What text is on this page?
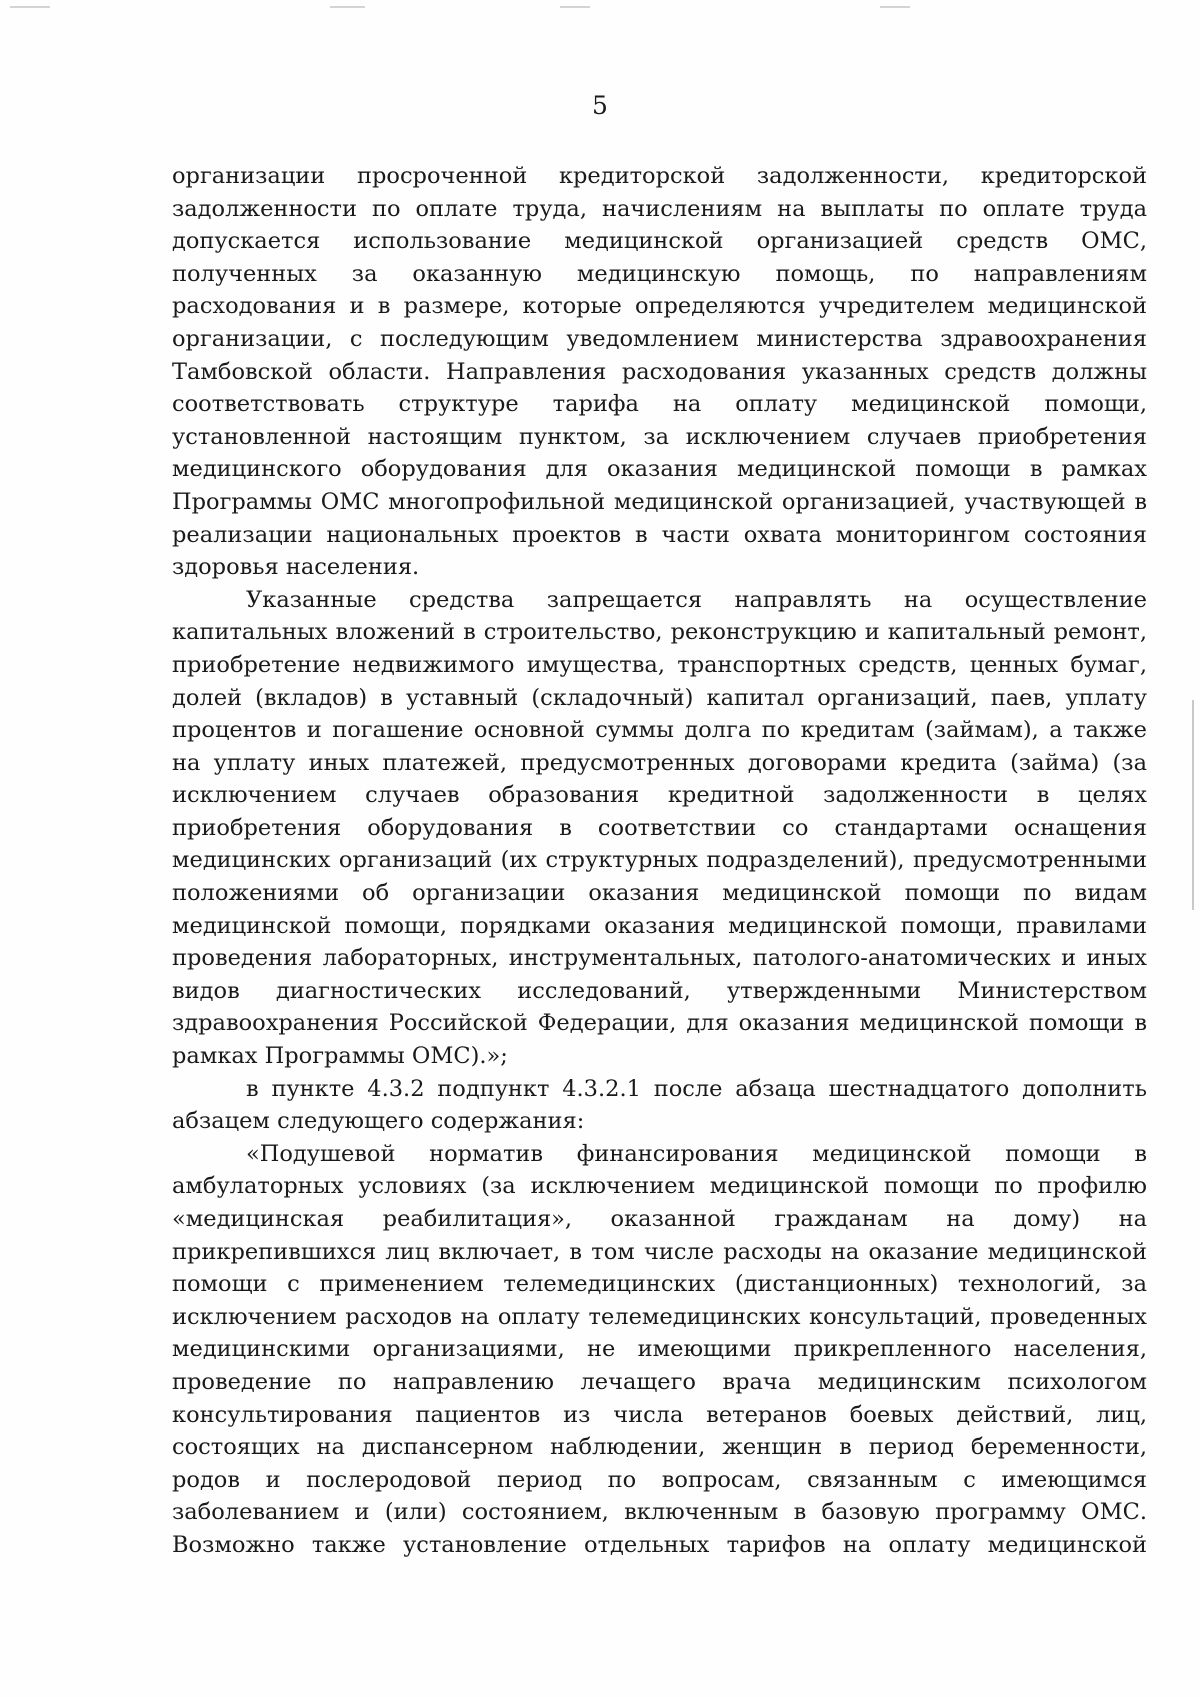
5

организации просроченной кредиторской задолженности, кредиторской задолженности по оплате труда, начислениям на выплаты по оплате труда допускается использование медицинской организацией средств ОМС, полученных за оказанную медицинскую помощь, по направлениям расходования и в размере, которые определяются учредителем медицинской организации, с последующим уведомлением министерства здравоохранения Тамбовской области. Направления расходования указанных средств должны соответствовать структуре тарифа на оплату медицинской помощи, установленной настоящим пунктом, за исключением случаев приобретения медицинского оборудования для оказания медицинской помощи в рамках Программы ОМС многопрофильной медицинской организацией, участвующей в реализации национальных проектов в части охвата мониторингом состояния здоровья населения.

Указанные средства запрещается направлять на осуществление капитальных вложений в строительство, реконструкцию и капитальный ремонт, приобретение недвижимого имущества, транспортных средств, ценных бумаг, долей (вкладов) в уставный (складочный) капитал организаций, паев, уплату процентов и погашение основной суммы долга по кредитам (займам), а также на уплату иных платежей, предусмотренных договорами кредита (займа) (за исключением случаев образования кредитной задолженности в целях приобретения оборудования в соответствии со стандартами оснащения медицинских организаций (их структурных подразделений), предусмотренными положениями об организации оказания медицинской помощи по видам медицинской помощи, порядками оказания медицинской помощи, правилами проведения лабораторных, инструментальных, патолого-анатомических и иных видов диагностических исследований, утвержденными Министерством здравоохранения Российской Федерации, для оказания медицинской помощи в рамках Программы ОМС).»;

в пункте 4.3.2 подпункт 4.3.2.1 после абзаца шестнадцатого дополнить абзацем следующего содержания:

«Подушевой норматив финансирования медицинской помощи в амбулаторных условиях (за исключением медицинской помощи по профилю «медицинская реабилитация», оказанной гражданам на дому) на прикрепившихся лиц включает, в том числе расходы на оказание медицинской помощи с применением телемедицинских (дистанционных) технологий, за исключением расходов на оплату телемедицинских консультаций, проведенных медицинскими организациями, не имеющими прикрепленного населения, проведение по направлению лечащего врача медицинским психологом консультирования пациентов из числа ветеранов боевых действий, лиц, состоящих на диспансерном наблюдении, женщин в период беременности, родов и послеродовой период по вопросам, связанным с имеющимся заболеванием и (или) состоянием, включенным в базовую программу ОМС. Возможно также установление отдельных тарифов на оплату медицинской
